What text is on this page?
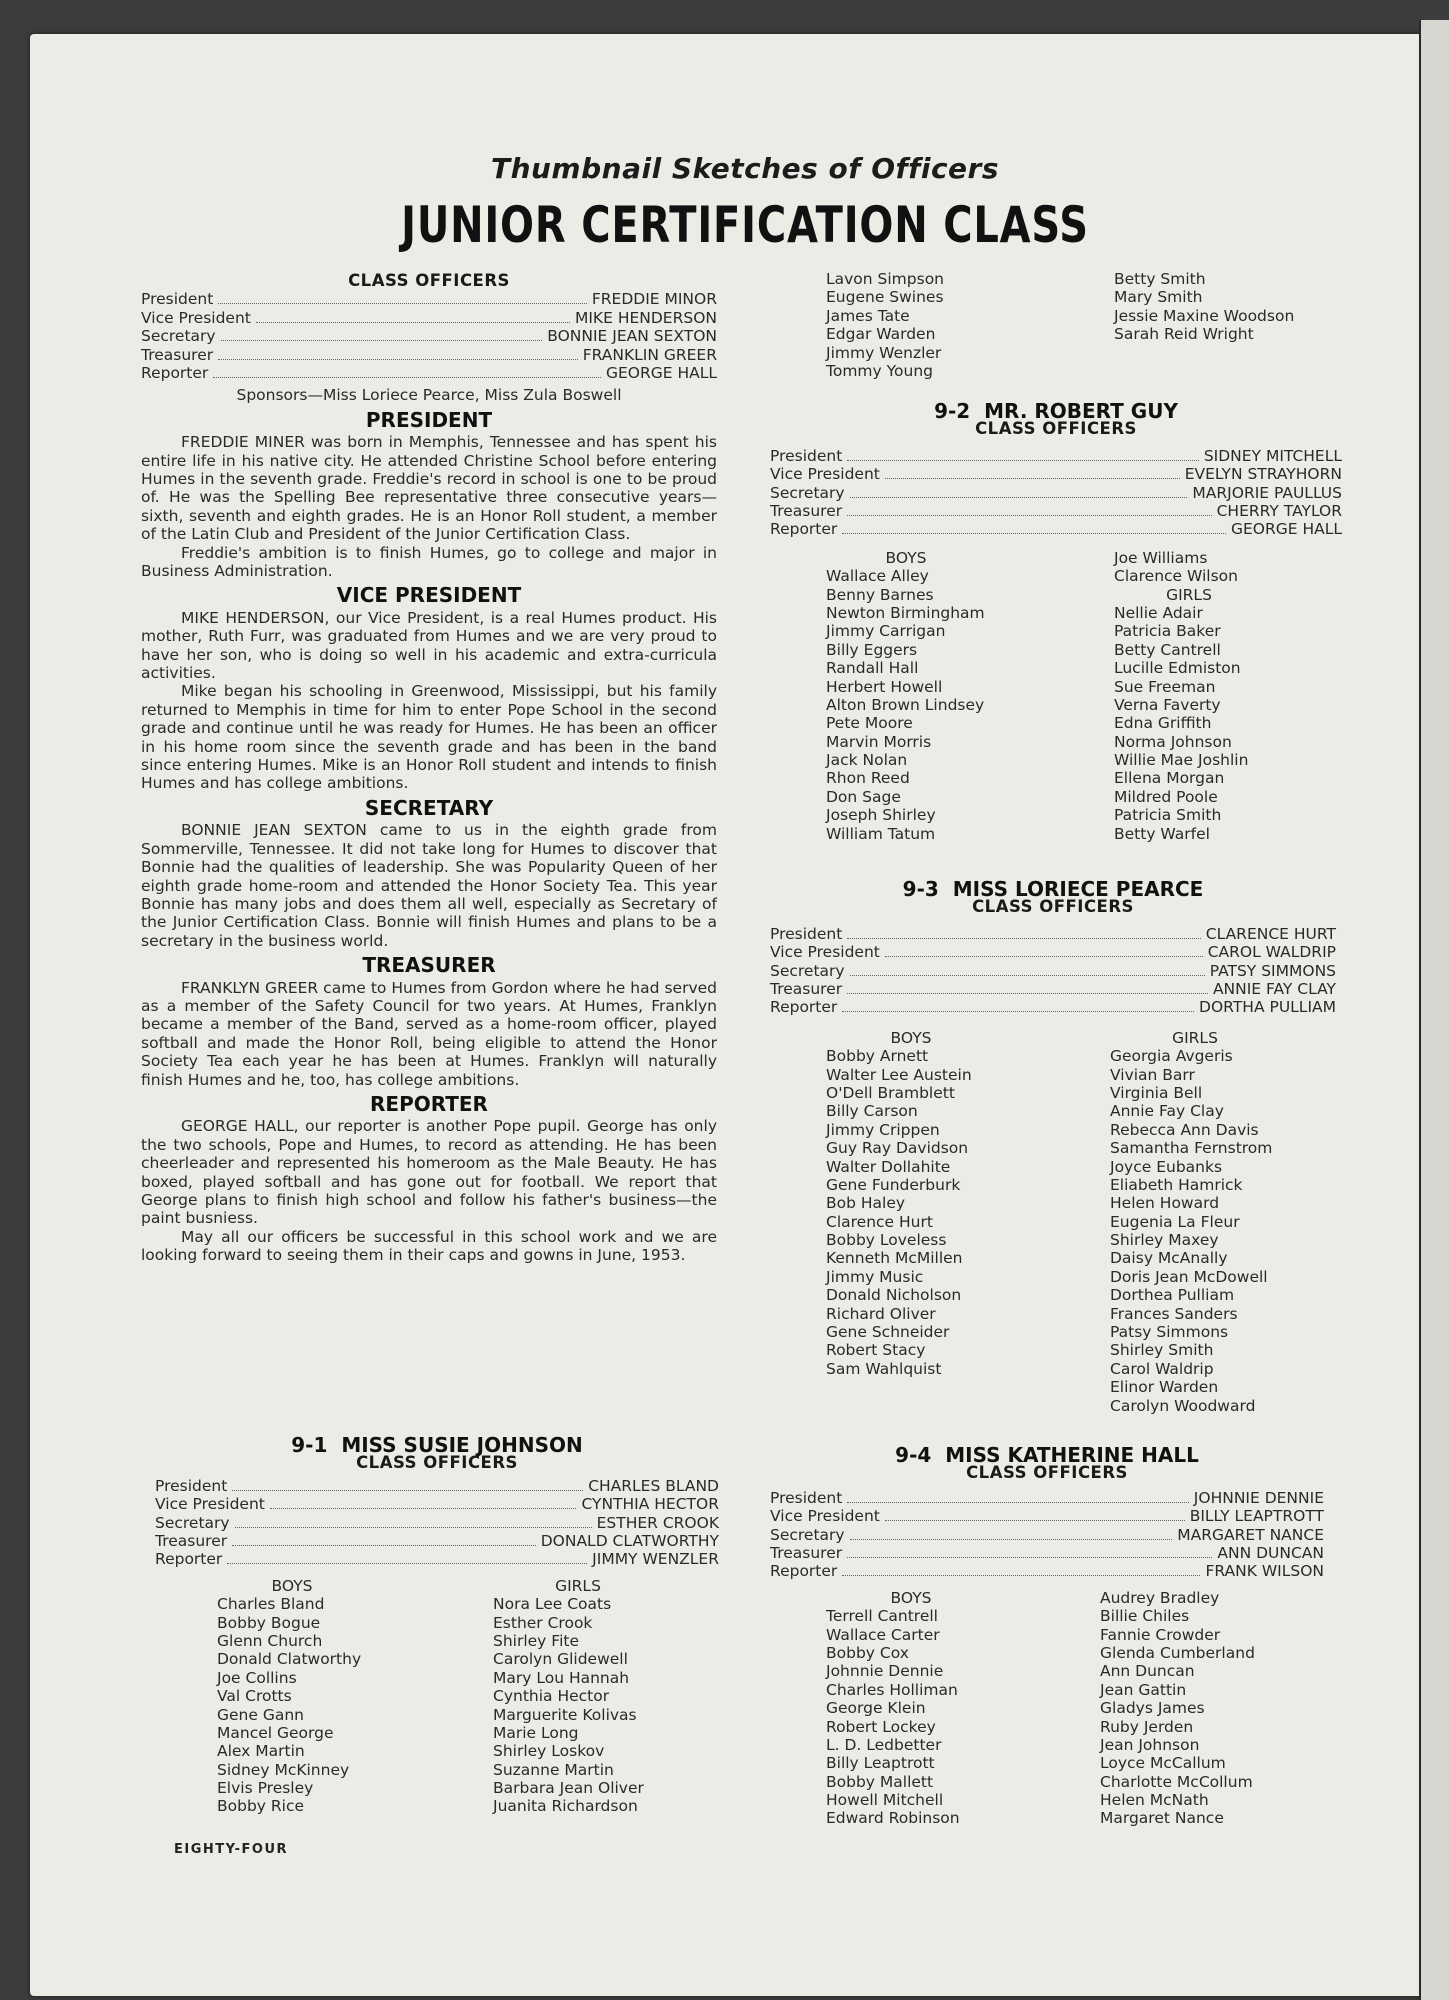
Thumbnail Sketches of Officers
JUNIOR CERTIFICATION CLASS
CLASS OFFICERS
President	FREDDIE MINOR
Vice President	MIKE HENDERSON
Secretary	BONNIE JEAN SEXTON
Treasurer	FRANKLIN GREER
Reporter	GEORGE HALL
Sponsors—Miss Loriece Pearce, Miss Zula Boswell
PRESIDENT

FREDDIE MINER was born in Memphis, Tennessee and has spent his entire life in his native city. He attended Christine School before entering Humes in the seventh grade. Freddie's record in school is one to be proud of. He was the Spelling Bee representative three consecutive years—sixth, seventh and eighth grades. He is an Honor Roll student, a member of the Latin Club and President of the Junior Certification Class.

Freddie's ambition is to finish Humes, go to college and major in Business Administration.

VICE PRESIDENT

MIKE HENDERSON, our Vice President, is a real Humes product. His mother, Ruth Furr, was graduated from Humes and we are very proud to have her son, who is doing so well in his academic and extra-curricula activities.

Mike began his schooling in Greenwood, Mississippi, but his family returned to Memphis in time for him to enter Pope School in the second grade and continue until he was ready for Humes. He has been an officer in his home room since the seventh grade and has been in the band since entering Humes. Mike is an Honor Roll student and intends to finish Humes and has college ambitions.

SECRETARY

BONNIE JEAN SEXTON came to us in the eighth grade from Sommerville, Tennessee. It did not take long for Humes to discover that Bonnie had the qualities of leadership. She was Popularity Queen of her eighth grade home-room and attended the Honor Society Tea. This year Bonnie has many jobs and does them all well, especially as Secretary of the Junior Certification Class. Bonnie will finish Humes and plans to be a secretary in the business world.

TREASURER

FRANKLYN GREER came to Humes from Gordon where he had served as a member of the Safety Council for two years. At Humes, Franklyn became a member of the Band, served as a home-room officer, played softball and made the Honor Roll, being eligible to attend the Honor Society Tea each year he has been at Humes. Franklyn will naturally finish Humes and he, too, has college ambitions.

REPORTER

GEORGE HALL, our reporter is another Pope pupil. George has only the two schools, Pope and Humes, to record as attending. He has been cheerleader and represented his homeroom as the Male Beauty. He has boxed, played softball and has gone out for football. We report that George plans to finish high school and follow his father's business—the paint busniess.

May all our officers be successful in this school work and we are looking forward to seeing them in their caps and gowns in June, 1953.

9-1 MISS SUSIE JOHNSON
CLASS OFFICERS
President	CHARLES BLAND
Vice President	CYNTHIA HECTOR
Secretary	ESTHER CROOK
Treasurer	DONALD CLATWORTHY
Reporter	JIMMY WENZLER
BOYS
Charles Bland
Bobby Bogue
Glenn Church
Donald Clatworthy
Joe Collins
Val Crotts
Gene Gann
Mancel George
Alex Martin
Sidney McKinney
Elvis Presley
Bobby Rice
GIRLS
Nora Lee Coats
Esther Crook
Shirley Fite
Carolyn Glidewell
Mary Lou Hannah
Cynthia Hector
Marguerite Kolivas
Marie Long
Shirley Loskov
Suzanne Martin
Barbara Jean Oliver
Juanita Richardson
Lavon Simpson
Eugene Swines
James Tate
Edgar Warden
Jimmy Wenzler
Tommy Young
Betty Smith
Mary Smith
Jessie Maxine Woodson
Sarah Reid Wright
9-2 MR. ROBERT GUY
CLASS OFFICERS
President	SIDNEY MITCHELL
Vice President	EVELYN STRAYHORN
Secretary	MARJORIE PAULLUS
Treasurer	CHERRY TAYLOR
Reporter	GEORGE HALL
BOYS
Wallace Alley
Benny Barnes
Newton Birmingham
Jimmy Carrigan
Billy Eggers
Randall Hall
Herbert Howell
Alton Brown Lindsey
Pete Moore
Marvin Morris
Jack Nolan
Rhon Reed
Don Sage
Joseph Shirley
William Tatum
Joe Williams
Clarence Wilson
GIRLS
Nellie Adair
Patricia Baker
Betty Cantrell
Lucille Edmiston
Sue Freeman
Verna Faverty
Edna Griffith
Norma Johnson
Willie Mae Joshlin
Ellena Morgan
Mildred Poole
Patricia Smith
Betty Warfel
9-3 MISS LORIECE PEARCE
CLASS OFFICERS
President	CLARENCE HURT
Vice President	CAROL WALDRIP
Secretary	PATSY SIMMONS
Treasurer	ANNIE FAY CLAY
Reporter	DORTHA PULLIAM
BOYS
Bobby Arnett
Walter Lee Austein
O'Dell Bramblett
Billy Carson
Jimmy Crippen
Guy Ray Davidson
Walter Dollahite
Gene Funderburk
Bob Haley
Clarence Hurt
Bobby Loveless
Kenneth McMillen
Jimmy Music
Donald Nicholson
Richard Oliver
Gene Schneider
Robert Stacy
Sam Wahlquist
GIRLS
Georgia Avgeris
Vivian Barr
Virginia Bell
Annie Fay Clay
Rebecca Ann Davis
Samantha Fernstrom
Joyce Eubanks
Eliabeth Hamrick
Helen Howard
Eugenia La Fleur
Shirley Maxey
Daisy McAnally
Doris Jean McDowell
Dorthea Pulliam
Frances Sanders
Patsy Simmons
Shirley Smith
Carol Waldrip
Elinor Warden
Carolyn Woodward
9-4 MISS KATHERINE HALL
CLASS OFFICERS
President	JOHNNIE DENNIE
Vice President	BILLY LEAPTROTT
Secretary	MARGARET NANCE
Treasurer	ANN DUNCAN
Reporter	FRANK WILSON
BOYS
Terrell Cantrell
Wallace Carter
Bobby Cox
Johnnie Dennie
Charles Holliman
George Klein
Robert Lockey
L. D. Ledbetter
Billy Leaptrott
Bobby Mallett
Howell Mitchell
Edward Robinson
Audrey Bradley
Billie Chiles
Fannie Crowder
Glenda Cumberland
Ann Duncan
Jean Gattin
Gladys James
Ruby Jerden
Jean Johnson
Loyce McCallum
Charlotte McCollum
Helen McNath
Margaret Nance
EIGHTY-FOUR
